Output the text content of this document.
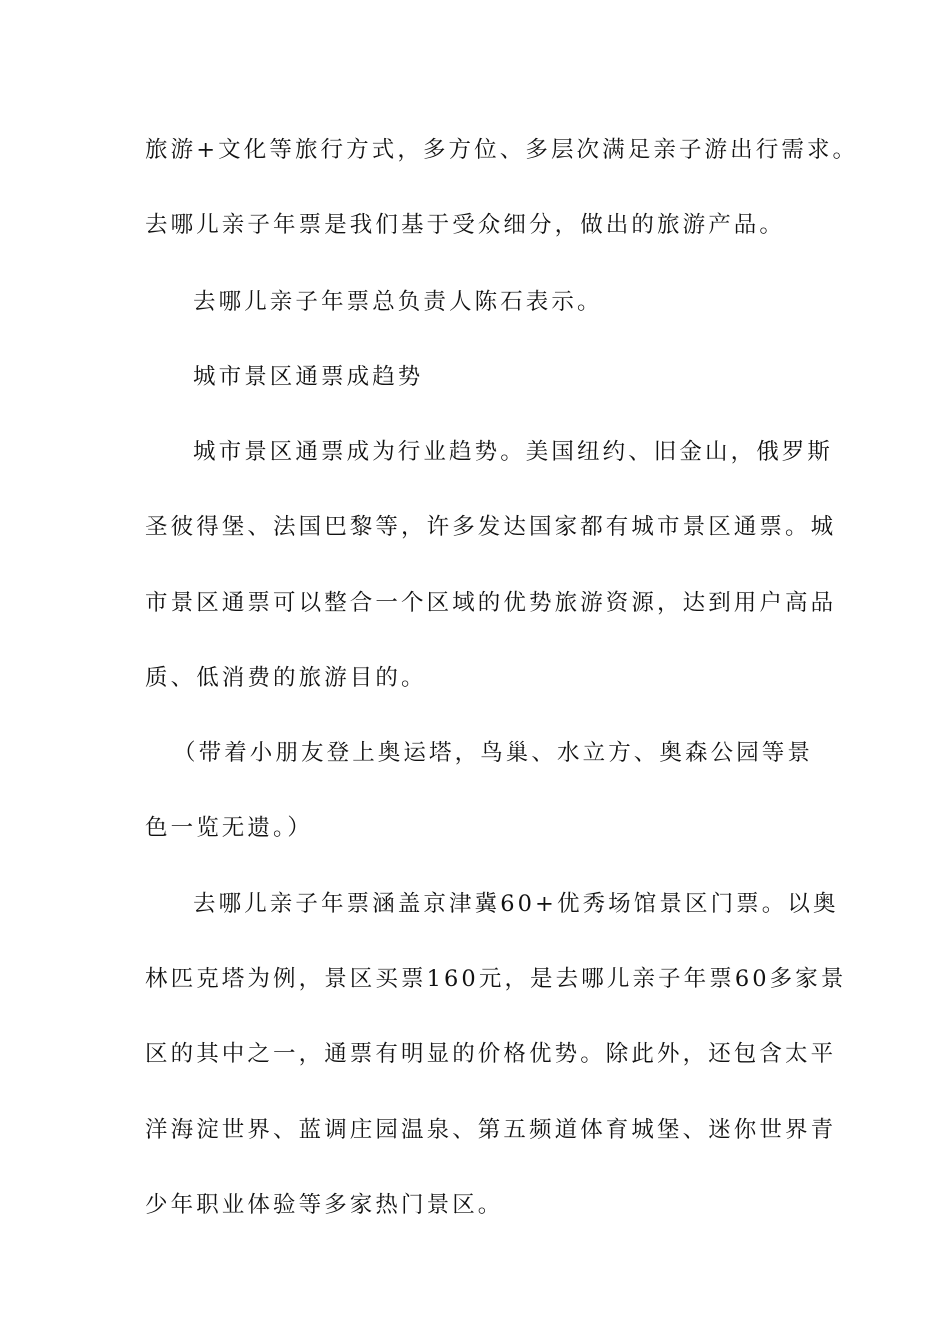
旅游+文化等旅行方式，多方位、多层次满足亲子游出行需求。
去哪儿亲子年票是我们基于受众细分，做出的旅游产品。
去哪儿亲子年票总负责人陈石表示。
城市景区通票成趋势
城市景区通票成为行业趋势。美国纽约、旧金山，俄罗斯
圣彼得堡、法国巴黎等，许多发达国家都有城市景区通票。城
市景区通票可以整合一个区域的优势旅游资源，达到用户高品
质、低消费的旅游目的。
（带着小朋友登上奥运塔，鸟巢、水立方、奥森公园等景
色一览无遗。）
去哪儿亲子年票涵盖京津冀60+优秀场馆景区门票。以奥
林匹克塔为例，景区买票160元，是去哪儿亲子年票60多家景
区的其中之一，通票有明显的价格优势。除此外，还包含太平
洋海淀世界、蓝调庄园温泉、第五频道体育城堡、迷你世界青
少年职业体验等多家热门景区。
